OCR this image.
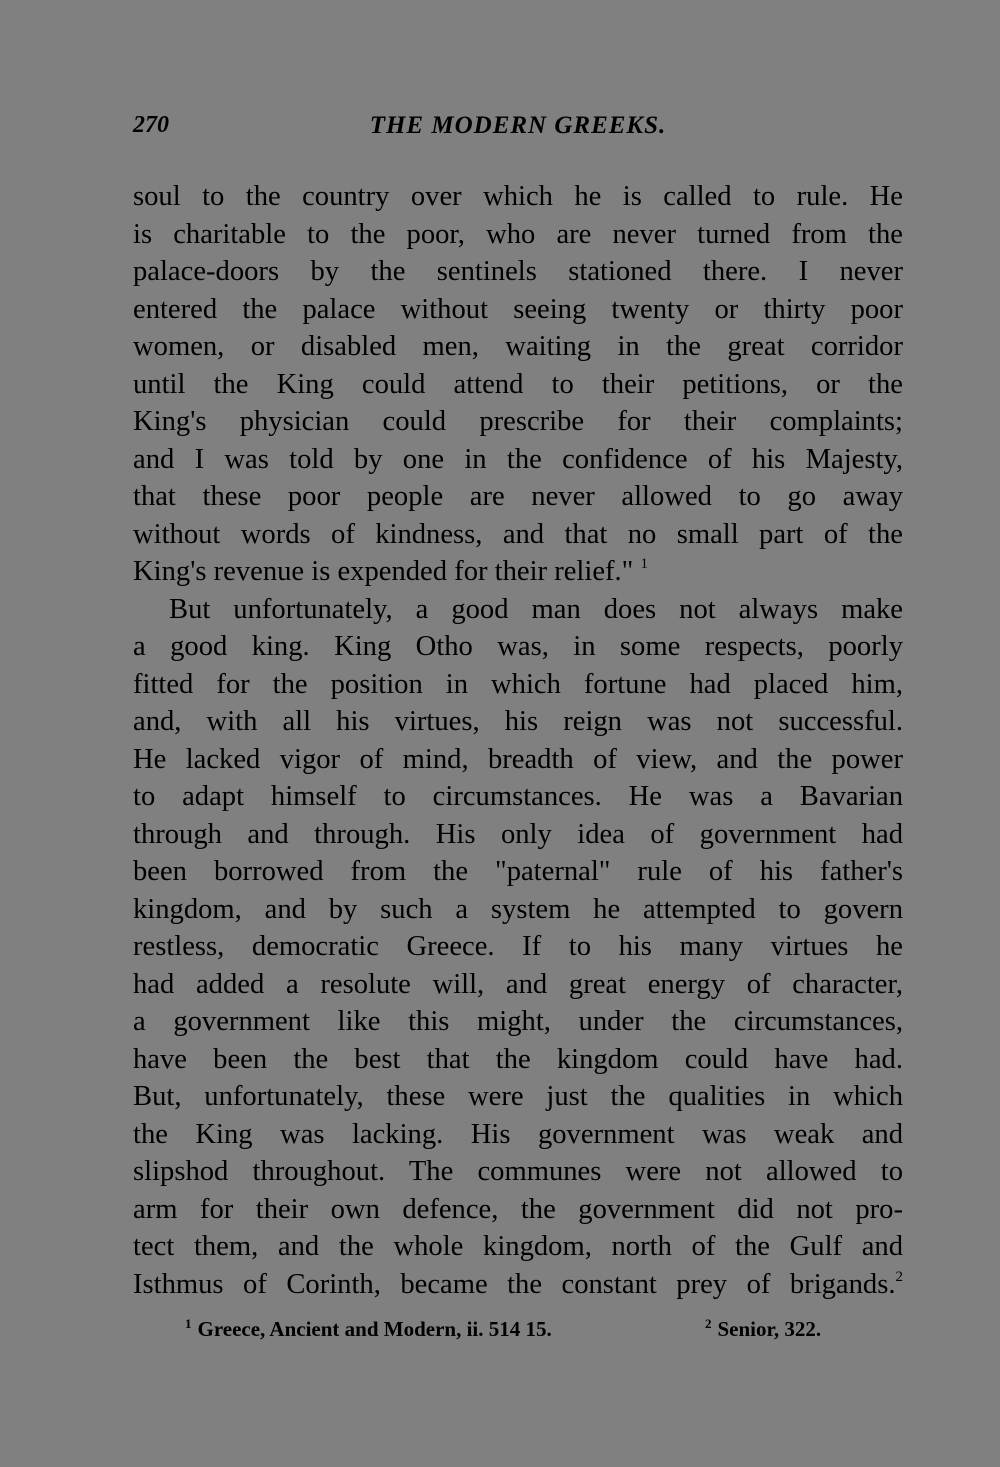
270	THE MODERN GREEKS.
soul to the country over which he is called to rule. He
is charitable to the poor, who are never turned from the
palace-doors by the sentinels stationed there. I never
entered the palace without seeing twenty or thirty poor
women, or disabled men, waiting in the great corridor
until the King could attend to their petitions, or the
King's physician could prescribe for their complaints;
and I was told by one in the confidence of his Majesty,
that these poor people are never allowed to go away
without words of kindness, and that no small part of the
King's revenue is expended for their relief." $^1$
But unfortunately, a good man does not always make
a good king. King Otho was, in some respects, poorly
fitted for the position in which fortune had placed him,
and, with all his virtues, his reign was not successful.
He lacked vigor of mind, breadth of view, and the power
to adapt himself to circumstances. He was a Bavarian
through and through. His only idea of government had
been borrowed from the "paternal" rule of his father's
kingdom, and by such a system he attempted to govern
restless, democratic Greece. If to his many virtues he
had added a resolute will, and great energy of character,
a government like this might, under the circumstances,
have been the best that the kingdom could have had.
But, unfortunately, these were just the qualities in which
the King was lacking. His government was weak and
slipshod throughout. The communes were not allowed to
arm for their own defence, the government did not pro-
tect them, and the whole kingdom, north of the Gulf and
Isthmus of Corinth, became the constant prey of brigands.$^2$
$^1$ Greece, Ancient and Modern, ii. 514 15.	$^2$ Senior, 322.
